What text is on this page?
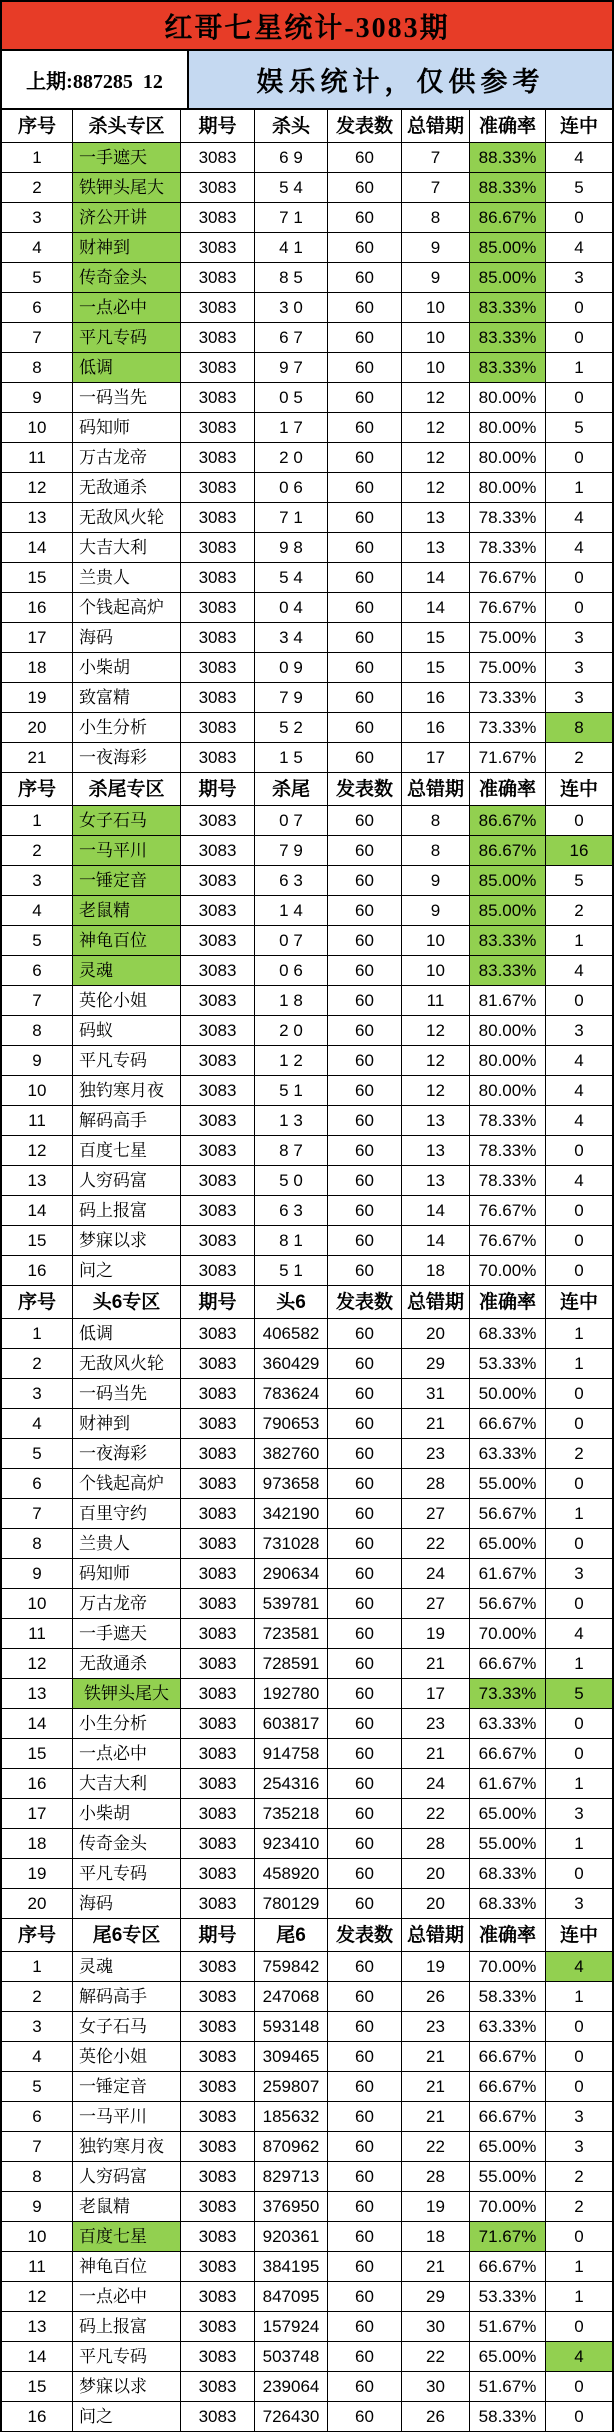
红哥七星统计-3083期
上期:887285  12	娱乐统计，仅供参考
序号	杀头专区	期号	杀头	发表数 总错期 准确率	连中
1	一手遮天	3083	6 9	60	7	88.33%	4
2	铁钾头尾大	3083	5 4	60	7	88.33%	5
3	济公开讲	3083	7 1	60	8	86.67%	0
4	财神到	3083	4 1	60	9	85.00%	4
5	传奇金头	3083	8 5	60	9	85.00%	3
6	一点必中	3083	3 0	60	10	83.33%	0
7	平凡专码	3083	6 7	60	10	83.33%	0
8	低调	3083	9 7	60	10	83.33%	1
9	一码当先	3083	0 5	60	12	80.00%	0
10	码知师	3083	1 7	60	12	80.00%	5
11	万古龙帝	3083	2 0	60	12	80.00%	0
12	无敌通杀	3083	0 6	60	12	80.00%	1
13	无敌风火轮	3083	7 1	60	13	78.33%	4
14	大吉大利	3083	9 8	60	13	78.33%	4
15	兰贵人	3083	5 4	60	14	76.67%	0
16	个钱起高炉	3083	0 4	60	14	76.67%	0
17	海码	3083	3 4	60	15	75.00%	3
18	小柴胡	3083	0 9	60	15	75.00%	3
19	致富精	3083	7 9	60	16	73.33%	3
20	小生分析	3083	5 2	60	16	73.33%	8
21	一夜海彩	3083	1 5	60	17	71.67%	2
序号	杀尾专区	期号	杀尾	发表数 总错期 准确率	连中
1	女子石马	3083	0 7	60	8	86.67%	0
2	一马平川	3083	7 9	60	8	86.67%	16
3	一锤定音	3083	6 3	60	9	85.00%	5
4	老鼠精	3083	1 4	60	9	85.00%	2
5	神龟百位	3083	0 7	60	10	83.33%	1
6	灵魂	3083	0 6	60	10	83.33%	4
7	英伦小姐	3083	1 8	60	11	81.67%	0
8	码蚁	3083	2 0	60	12	80.00%	3
9	平凡专码	3083	1 2	60	12	80.00%	4
10	独钓寒月夜	3083	5 1	60	12	80.00%	4
11	解码高手	3083	1 3	60	13	78.33%	4
12	百度七星	3083	8 7	60	13	78.33%	0
13	人穷码富	3083	5 0	60	13	78.33%	4
14	码上报富	3083	6 3	60	14	76.67%	0
15	梦寐以求	3083	8 1	60	14	76.67%	0
16	问之	3083	5 1	60	18	70.00%	0
序号	头6专区	期号	头6	发表数 总错期 准确率	连中
1	低调	3083	406582	60	20	68.33%	1
2	无敌风火轮	3083	360429	60	29	53.33%	1
3	一码当先	3083	783624	60	31	50.00%	0
4	财神到	3083	790653	60	21	66.67%	0
5	一夜海彩	3083	382760	60	23	63.33%	2
6	个钱起高炉	3083	973658	60	28	55.00%	0
7	百里守约	3083	342190	60	27	56.67%	1
8	兰贵人	3083	731028	60	22	65.00%	0
9	码知师	3083	290634	60	24	61.67%	3
10	万古龙帝	3083	539781	60	27	56.67%	0
11	一手遮天	3083	723581	60	19	70.00%	4
12	无敌通杀	3083	728591	60	21	66.67%	1
13	铁钾头尾大	3083	192780	60	17	73.33%	5
14	小生分析	3083	603817	60	23	63.33%	0
15	一点必中	3083	914758	60	21	66.67%	0
16	大吉大利	3083	254316	60	24	61.67%	1
17	小柴胡	3083	735218	60	22	65.00%	3
18	传奇金头	3083	923410	60	28	55.00%	1
19	平凡专码	3083	458920	60	20	68.33%	0
20	海码	3083	780129	60	20	68.33%	3
序号	尾6专区	期号	尾6	发表数 总错期 准确率	连中
1	灵魂	3083	759842	60	19	70.00%	4
2	解码高手	3083	247068	60	26	58.33%	1
3	女子石马	3083	593148	60	23	63.33%	0
4	英伦小姐	3083	309465	60	21	66.67%	0
5	一锤定音	3083	259807	60	21	66.67%	0
6	一马平川	3083	185632	60	21	66.67%	3
7	独钓寒月夜	3083	870962	60	22	65.00%	3
8	人穷码富	3083	829713	60	28	55.00%	2
9	老鼠精	3083	376950	60	19	70.00%	2
10	百度七星	3083	920361	60	18	71.67%	0
11	神龟百位	3083	384195	60	21	66.67%	1
12	一点必中	3083	847095	60	29	53.33%	1
13	码上报富	3083	157924	60	30	51.67%	0
14	平凡专码	3083	503748	60	22	65.00%	4
15	梦寐以求	3083	239064	60	30	51.67%	0
16	问之	3083	726430	60	26	58.33%	0
